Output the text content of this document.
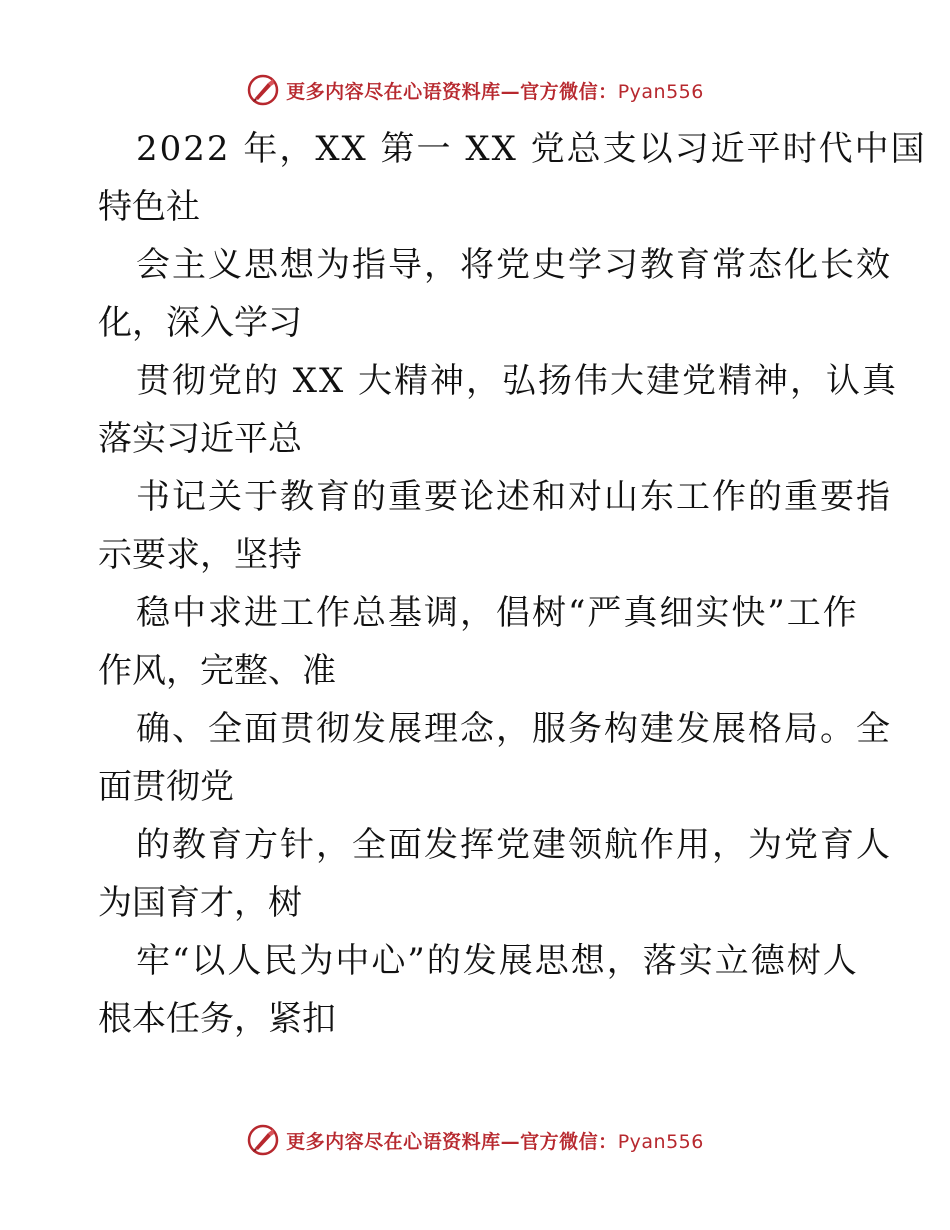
更多内容尽在心语资料库—官方微信：Pyan556

2022 年，XX 第一 XX 党总支以习近平时代中国

特色社

会主义思想为指导，将党史学习教育常态化长效

化，深入学习

贯彻党的 XX 大精神，弘扬伟大建党精神，认真

落实习近平总

书记关于教育的重要论述和对山东工作的重要指

示要求，坚持

稳中求进工作总基调，倡树“严真细实快”工作

作风，完整、准

确、全面贯彻发展理念，服务构建发展格局。全

面贯彻党

的教育方针，全面发挥党建领航作用，为党育人

为国育才，树

牢“以人民为中心”的发展思想，落实立德树人

根本任务，紧扣

更多内容尽在心语资料库—官方微信：Pyan556
